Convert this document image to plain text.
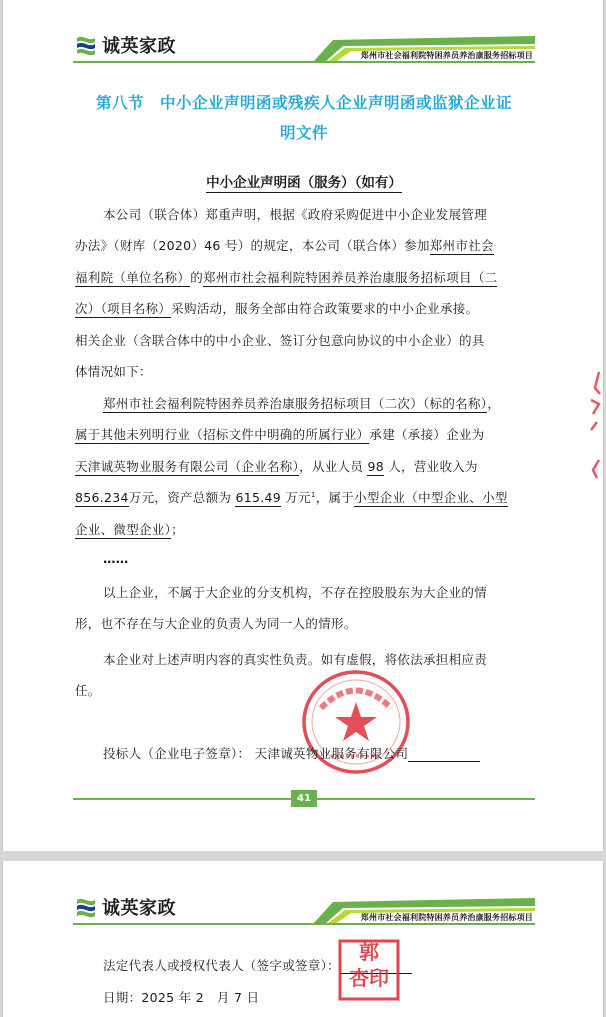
诚英家政	郑州市社会福利院特困养员养治康服务招标项目
第八节　中小企业声明函或残疾人企业声明函或监狱企业证
明文件
中小企业声明函（服务）（如有）
本公司（联合体）郑重声明，根据《政府采购促进中小企业发展管理
办法》（财库（2020）46 号）的规定，本公司（联合体）参加郑州市社会
福利院（单位名称）的郑州市社会福利院特困养员养治康服务招标项目（二
次）（项目名称）采购活动，服务全部由符合政策要求的中小企业承接。
相关企业（含联合体中的中小企业、签订分包意向协议的中小企业）的具
体情况如下：
郑州市社会福利院特困养员养治康服务招标项目（二次）（标的名称），
属于其他未列明行业（招标文件中明确的所属行业）承建（承接）企业为
天津诚英物业服务有限公司（企业名称），从业人员 98 人，营业收入为
856.234万元，资产总额为 615.49 万元$^1$，属于小型企业（中型企业、小型
企业、微型企业）；
……
以上企业，不属于大企业的分支机构，不存在控股股东为大企业的情
形，也不存在与大企业的负责人为同一人的情形。
本企业对上述声明内容的真实性负责。如有虚假，将依法承担相应责
任。
投标人（企业电子签章）： 天津诚英物业服务有限公司
41
诚英家政	郑州市社会福利院特困养员养治康服务招标项目
法定代表人或授权代表人（签字或签章）：
日期：2025 年 2　 月 7 日
郭
杏印
